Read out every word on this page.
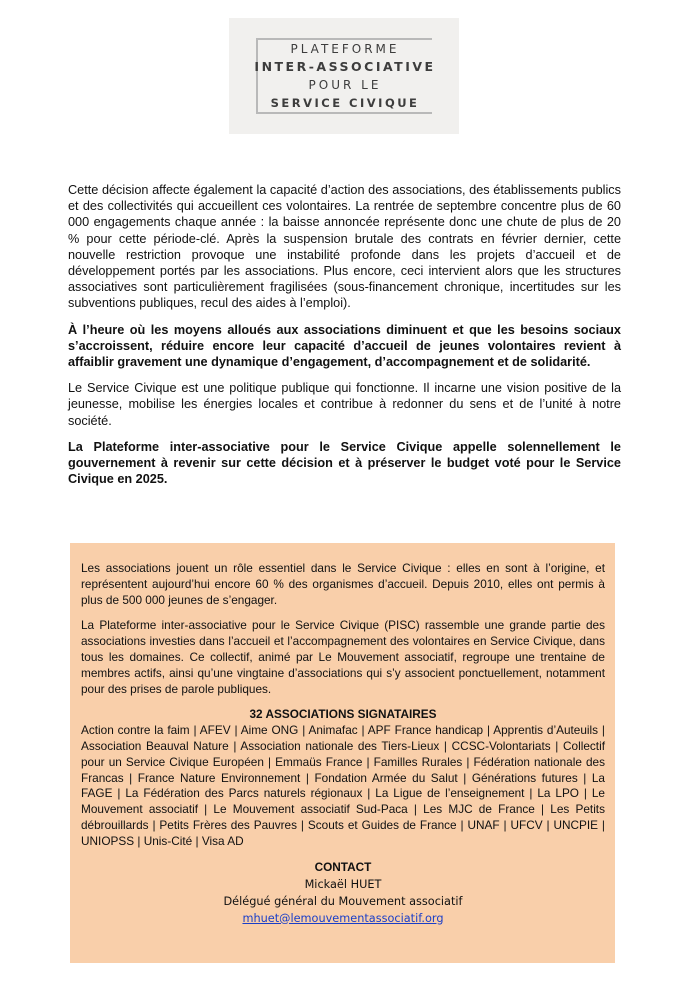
PLATEFORME
INTER-ASSOCIATIVE
POUR LE
SERVICE CIVIQUE

Cette décision affecte également la capacité d’action des associations, des établissements publics et des collectivités qui accueillent ces volontaires. La rentrée de septembre concentre plus de 60 000 engagements chaque année : la baisse annoncée représente donc une chute de plus de 20 % pour cette période-clé. Après la suspension brutale des contrats en février dernier, cette nouvelle restriction provoque une instabilité profonde dans les projets d’accueil et de développement portés par les associations. Plus encore, ceci intervient alors que les structures associatives sont particulièrement fragilisées (sous-financement chronique, incertitudes sur les subventions publiques, recul des aides à l’emploi).

À l’heure où les moyens alloués aux associations diminuent et que les besoins sociaux s’accroissent, réduire encore leur capacité d’accueil de jeunes volontaires revient à affaiblir gravement une dynamique d’engagement, d’accompagnement et de solidarité.

Le Service Civique est une politique publique qui fonctionne. Il incarne une vision positive de la jeunesse, mobilise les énergies locales et contribue à redonner du sens et de l’unité à notre société.

La Plateforme inter-associative pour le Service Civique appelle solennellement le gouvernement à revenir sur cette décision et à préserver le budget voté pour le Service Civique en 2025.

Les associations jouent un rôle essentiel dans le Service Civique : elles en sont à l’origine, et représentent aujourd’hui encore 60 % des organismes d’accueil. Depuis 2010, elles ont permis à plus de 500 000 jeunes de s’engager.

La Plateforme inter-associative pour le Service Civique (PISC) rassemble une grande partie des associations investies dans l’accueil et l’accompagnement des volontaires en Service Civique, dans tous les domaines. Ce collectif, animé par Le Mouvement associatif, regroupe une trentaine de membres actifs, ainsi qu’une vingtaine d’associations qui s’y associent ponctuellement, notamment pour des prises de parole publiques.

32 ASSOCIATIONS SIGNATAIRES
Action contre la faim | AFEV | Aime ONG | Animafac | APF France handicap | Apprentis d’Auteuils | Association Beauval Nature | Association nationale des Tiers-Lieux | CCSC-Volontariats | Collectif pour un Service Civique Européen | Emmaüs France | Familles Rurales | Fédération nationale des Francas | France Nature Environnement | Fondation Armée du Salut | Générations futures | La FAGE | La Fédération des Parcs naturels régionaux | La Ligue de l’enseignement | La LPO | Le Mouvement associatif | Le Mouvement associatif Sud-Paca | Les MJC de France | Les Petits débrouillards | Petits Frères des Pauvres | Scouts et Guides de France | UNAF | UFCV | UNCPIE | UNIOPSS | Unis-Cité | Visa AD
CONTACT
Mickaël HUET
Délégué général du Mouvement associatif
mhuet@lemouvementassociatif.org
